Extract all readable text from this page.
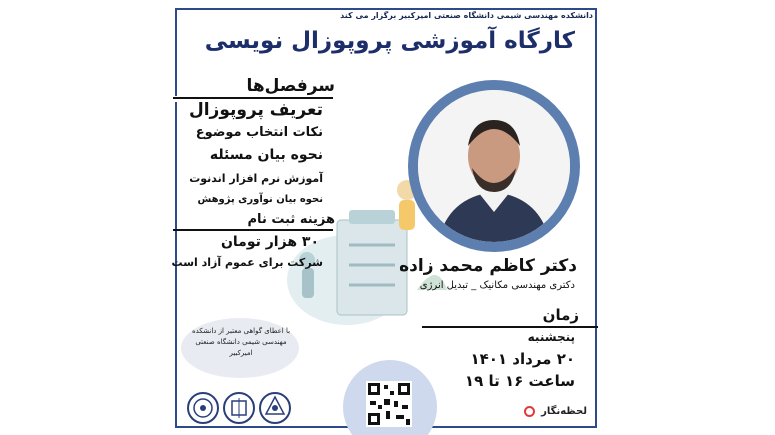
دانشکده مهندسی شیمی دانشگاه صنعتی امیرکبیر برگزار می کند
کارگاه آموزشی پروپوزال نویسی
سرفصل‌ها
تعریف پروپوزال
نکات انتخاب موضوع
نحوه بیان مسئله
آموزش نرم افزار اندنوت
نحوه بیان نوآوری پژوهش
هزینه ثبت نام
۳۰ هزار تومان
شرکت برای عموم آزاد است	دکتر کاظم محمد زاده
دکتری مهندسی مکانیک _ تبدیل انرژی
زمان
پنجشنبه
۲۰ مرداد ۱۴۰۱
ساعت ۱۶ تا ۱۹
با اعطای گواهی معتبر از دانشکده مهندسی شیمی دانشگاه صنعتی امیرکبیر
لحظه‌نگار
